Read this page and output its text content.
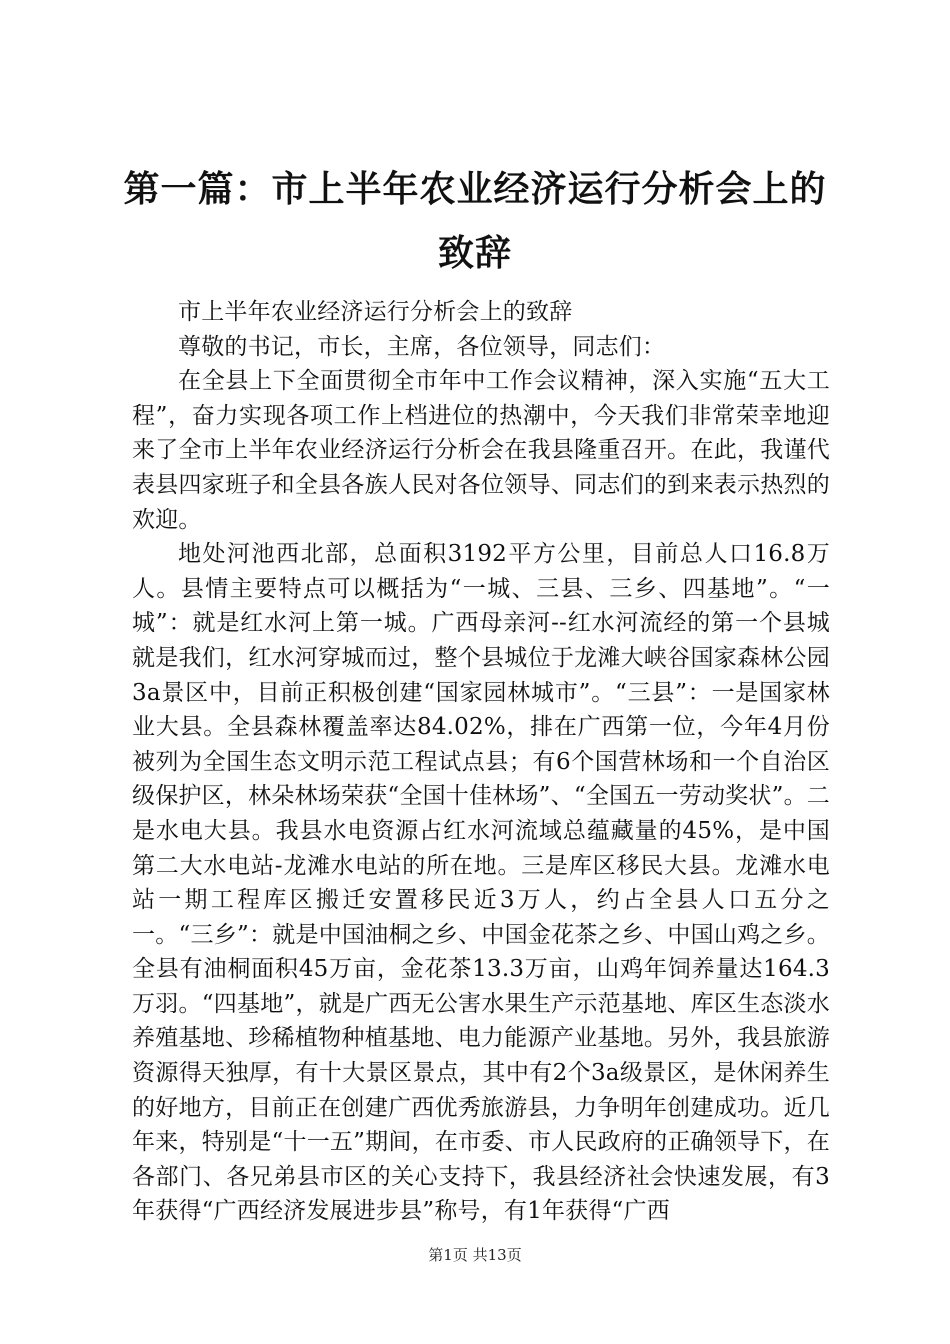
第一篇：市上半年农业经济运行分析会上的致辞

市上半年农业经济运行分析会上的致辞

尊敬的书记，市长，主席，各位领导，同志们：

在全县上下全面贯彻全市年中工作会议精神，深入实施“五大工程”，奋力实现各项工作上档进位的热潮中，今天我们非常荣幸地迎来了全市上半年农业经济运行分析会在我县隆重召开。在此，我谨代表县四家班子和全县各族人民对各位领导、同志们的到来表示热烈的欢迎。

地处河池西北部，总面积3192平方公里，目前总人口16.8万人。县情主要特点可以概括为“一城、三县、三乡、四基地”。“一城”：就是红水河上第一城。广西母亲河--红水河流经的第一个县城就是我们，红水河穿城而过，整个县城位于龙滩大峡谷国家森林公园3a景区中，目前正积极创建“国家园林城市”。“三县”：一是国家林业大县。全县森林覆盖率达84.02%，排在广西第一位，今年4月份被列为全国生态文明示范工程试点县；有6个国营林场和一个自治区级保护区，林朵林场荣获“全国十佳林场”、“全国五一劳动奖状”。二是水电大县。我县水电资源占红水河流域总蕴藏量的45%，是中国第二大水电站-龙滩水电站的所在地。三是库区移民大县。龙滩水电站一期工程库区搬迁安置移民近3万人，约占全县人口五分之一。“三乡”：就是中国油桐之乡、中国金花茶之乡、中国山鸡之乡。全县有油桐面积45万亩，金花茶13.3万亩，山鸡年饲养量达164.3万羽。“四基地”，就是广西无公害水果生产示范基地、库区生态淡水养殖基地、珍稀植物种植基地、电力能源产业基地。另外，我县旅游资源得天独厚，有十大景区景点，其中有2个3a级景区，是休闲养生的好地方，目前正在创建广西优秀旅游县，力争明年创建成功。近几年来，特别是“十一五”期间，在市委、市人民政府的正确领导下，在各部门、各兄弟县市区的关心支持下，我县经济社会快速发展，有3年获得“广西经济发展进步县”称号，有1年获得“广西

第1页 共13页
